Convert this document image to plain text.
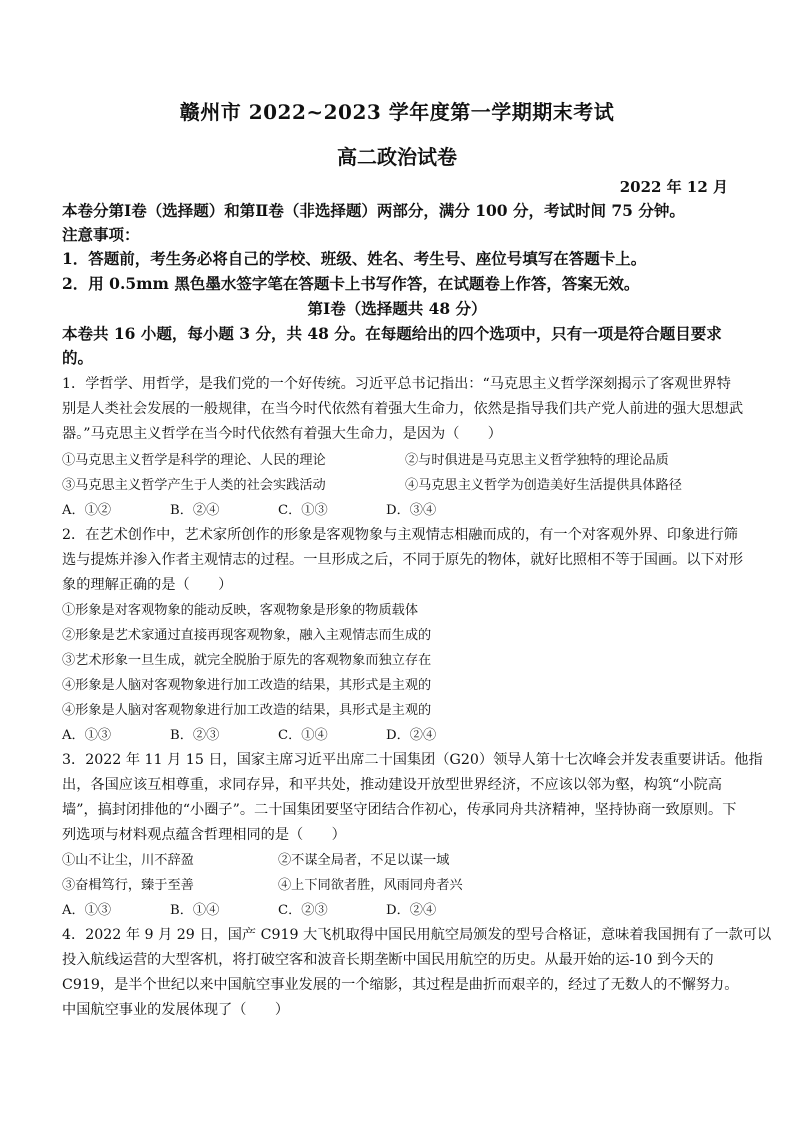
赣州市 2022~2023 学年度第一学期期末考试
高二政治试卷
2022 年 12 月
本卷分第Ⅰ卷（选择题）和第Ⅱ卷（非选择题）两部分，满分 100 分，考试时间 75 分钟。
注意事项：
1．答题前，考生务必将自己的学校、班级、姓名、考生号、座位号填写在答题卡上。
2．用 0.5mm 黑色墨水签字笔在答题卡上书写作答，在试题卷上作答，答案无效。
第Ⅰ卷（选择题共 48 分）
本卷共 16 小题，每小题 3 分，共 48 分。在每题给出的四个选项中，只有一项是符合题目要求
的。
1．学哲学、用哲学，是我们党的一个好传统。习近平总书记指出：“马克思主义哲学深刻揭示了客观世界特
别是人类社会发展的一般规律，在当今时代依然有着强大生命力，依然是指导我们共产党人前进的强大思想武
器。”马克思主义哲学在当今时代依然有着强大生命力，是因为（　　）
①马克思主义哲学是科学的理论、人民的理论	②与时俱进是马克思主义哲学独特的理论品质
③马克思主义哲学产生于人类的社会实践活动	④马克思主义哲学为创造美好生活提供具体路径
A．①②	B．②④	C．①③	D．③④
2．在艺术创作中，艺术家所创作的形象是客观物象与主观情志相融而成的，有一个对客观外界、印象进行筛
选与提炼并渗入作者主观情志的过程。一旦形成之后，不同于原先的物体，就好比照相不等于国画。以下对形
象的理解正确的是（　　）
①形象是对客观物象的能动反映，客观物象是形象的物质载体
②形象是艺术家通过直接再现客观物象，融入主观情志而生成的
③艺术形象一旦生成，就完全脱胎于原先的客观物象而独立存在
④形象是人脑对客观物象进行加工改造的结果，其形式是主观的
④形象是人脑对客观物象进行加工改造的结果，具形式是主观的
A．①③	B．②③	C．①④	D．②④
3．2022 年 11 月 15 日，国家主席习近平出席二十国集团（G20）领导人第十七次峰会并发表重要讲话。他指
出，各国应该互相尊重，求同存异，和平共处，推动建设开放型世界经济，不应该以邻为壑，构筑“小院高
墙”，搞封闭排他的“小圈子”。二十国集团要坚守团结合作初心，传承同舟共济精神，坚持协商一致原则。下
列选项与材料观点蕴含哲理相同的是（　　）
①山不让尘，川不辞盈	②不谋全局者，不足以谋一域
③奋楫笃行，臻于至善	④上下同欲者胜，风雨同舟者兴
A．①③	B．①④	C．②③	D．②④
4．2022 年 9 月 29 日，国产 C919 大飞机取得中国民用航空局颁发的型号合格证，意味着我国拥有了一款可以
投入航线运营的大型客机，将打破空客和波音长期垄断中国民用航空的历史。从最开始的运-10 到今天的
C919，是半个世纪以来中国航空事业发展的一个缩影，其过程是曲折而艰辛的，经过了无数人的不懈努力。
中国航空事业的发展体现了（　　）
